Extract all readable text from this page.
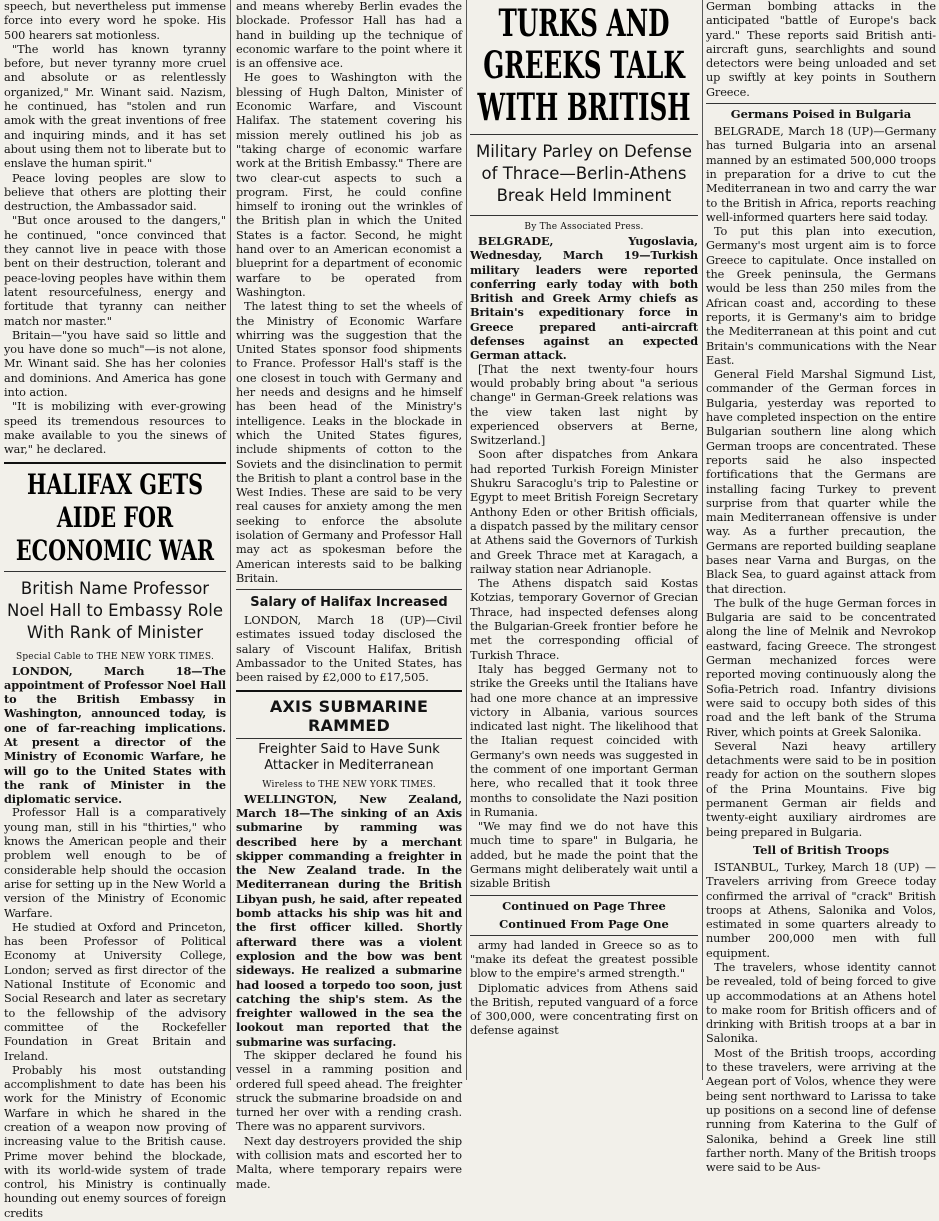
speech, but nevertheless put immense force into every word he spoke. His 500 hearers sat motionless.

"The world has known tyranny before, but never tyranny more cruel and absolute or as relentlessly organized," Mr. Winant said. Nazism, he continued, has "stolen and run amok with the great inventions of free and inquiring minds, and it has set about using them not to liberate but to enslave the human spirit."

Peace loving peoples are slow to believe that others are plotting their destruction, the Ambassador said.

"But once aroused to the dangers," he continued, "once convinced that they cannot live in peace with those bent on their destruction, tolerant and peace-loving peoples have within them latent resourcefulness, energy and fortitude that tyranny can neither match nor master."

Britain—"you have said so little and you have done so much"—is not alone, Mr. Winant said. She has her colonies and dominions. And America has gone into action.

"It is mobilizing with ever-growing speed its tremendous resources to make available to you the sinews of war," he declared.

HALIFAX GETS AIDE FOR ECONOMIC WAR
British Name Professor Noel Hall to Embassy Role With Rank of Minister
Special Cable to THE NEW YORK TIMES.

LONDON, March 18—The appointment of Professor Noel Hall to the British Embassy in Washington, announced today, is one of far-reaching implications. At present a director of the Ministry of Economic Warfare, he will go to the United States with the rank of Minister in the diplomatic service.

Professor Hall is a comparatively young man, still in his "thirties," who knows the American people and their problem well enough to be of considerable help should the occasion arise for setting up in the New World a version of the Ministry of Economic Warfare.

He studied at Oxford and Princeton, has been Professor of Political Economy at University College, London; served as first director of the National Institute of Economic and Social Research and later as secretary to the fellowship of the advisory committee of the Rockefeller Foundation in Great Britain and Ireland.

Probably his most outstanding accomplishment to date has been his work for the Ministry of Economic Warfare in which he shared in the creation of a weapon now proving of increasing value to the British cause. Prime mover behind the blockade, with its world-wide system of trade control, his Ministry is continually hounding out enemy sources of foreign credits

and means whereby Berlin evades the blockade. Professor Hall has had a hand in building up the technique of economic warfare to the point where it is an offensive ace.

He goes to Washington with the blessing of Hugh Dalton, Minister of Economic Warfare, and Viscount Halifax. The statement covering his mission merely outlined his job as "taking charge of economic warfare work at the British Embassy." There are two clear-cut aspects to such a program. First, he could confine himself to ironing out the wrinkles of the British plan in which the United States is a factor. Second, he might hand over to an American economist a blueprint for a department of economic warfare to be operated from Washington.

The latest thing to set the wheels of the Ministry of Economic Warfare whirring was the suggestion that the United States sponsor food shipments to France. Professor Hall's staff is the one closest in touch with Germany and her needs and designs and he himself has been head of the Ministry's intelligence. Leaks in the blockade in which the United States figures, include shipments of cotton to the Soviets and the disinclination to permit the British to plant a control base in the West Indies. These are said to be very real causes for anxiety among the men seeking to enforce the absolute isolation of Germany and Professor Hall may act as spokesman before the American interests said to be balking Britain.

Salary of Halifax Increased

LONDON, March 18 (UP)—Civil estimates issued today disclosed the salary of Viscount Halifax, British Ambassador to the United States, has been raised by £2,000 to £17,505.

AXIS SUBMARINE RAMMED
Freighter Said to Have Sunk Attacker in Mediterranean
Wireless to THE NEW YORK TIMES.

WELLINGTON, New Zealand, March 18—The sinking of an Axis submarine by ramming was described here by a merchant skipper commanding a freighter in the New Zealand trade. In the Mediterranean during the British Libyan push, he said, after repeated bomb attacks his ship was hit and the first officer killed. Shortly afterward there was a violent explosion and the bow was bent sideways. He realized a submarine had loosed a torpedo too soon, just catching the ship's stem. As the freighter wallowed in the sea the lookout man reported that the submarine was surfacing.

The skipper declared he found his vessel in a ramming position and ordered full speed ahead. The freighter struck the submarine broadside on and turned her over with a rending crash. There was no apparent survivors.

Next day destroyers provided the ship with collision mats and escorted her to Malta, where temporary repairs were made.

TURKS AND GREEKS TALK WITH BRITISH
Military Parley on Defense of Thrace—Berlin-Athens Break Held Imminent
By The Associated Press.

BELGRADE, Yugoslavia, Wednesday, March 19—Turkish military leaders were reported conferring early today with both British and Greek Army chiefs as Britain's expeditionary force in Greece prepared anti-aircraft defenses against an expected German attack.

[That the next twenty-four hours would probably bring about "a serious change" in German-Greek relations was the view taken last night by experienced observers at Berne, Switzerland.]

Soon after dispatches from Ankara had reported Turkish Foreign Minister Shukru Saracoglu's trip to Palestine or Egypt to meet British Foreign Secretary Anthony Eden or other British officials, a dispatch passed by the military censor at Athens said the Governors of Turkish and Greek Thrace met at Karagach, a railway station near Adrianople.

The Athens dispatch said Kostas Kotzias, temporary Governor of Grecian Thrace, had inspected defenses along the Bulgarian-Greek frontier before he met the corresponding official of Turkish Thrace.

Italy has begged Germany not to strike the Greeks until the Italians have had one more chance at an impressive victory in Albania, various sources indicated last night. The likelihood that the Italian request coincided with Germany's own needs was suggested in the comment of one important German here, who recalled that it took three months to consolidate the Nazi position in Rumania.

"We may find we do not have this much time to spare" in Bulgaria, he added, but he made the point that the Germans might deliberately wait until a sizable British

Continued on Page Three
Continued From Page One

army had landed in Greece so as to "make its defeat the greatest possible blow to the empire's armed strength."

Diplomatic advices from Athens said the British, reputed vanguard of a force of 300,000, were concentrating first on defense against

German bombing attacks in the anticipated "battle of Europe's back yard." These reports said British anti-aircraft guns, searchlights and sound detectors were being unloaded and set up swiftly at key points in Southern Greece.

Germans Poised in Bulgaria

BELGRADE, March 18 (UP)—Germany has turned Bulgaria into an arsenal manned by an estimated 500,000 troops in preparation for a drive to cut the Mediterranean in two and carry the war to the British in Africa, reports reaching well-informed quarters here said today.

To put this plan into execution, Germany's most urgent aim is to force Greece to capitulate. Once installed on the Greek peninsula, the Germans would be less than 250 miles from the African coast and, according to these reports, it is Germany's aim to bridge the Mediterranean at this point and cut Britain's communications with the Near East.

General Field Marshal Sigmund List, commander of the German forces in Bulgaria, yesterday was reported to have completed inspection on the entire Bulgarian southern line along which German troops are concentrated. These reports said he also inspected fortifications that the Germans are installing facing Turkey to prevent surprise from that quarter while the main Mediterranean offensive is under way. As a further precaution, the Germans are reported building seaplane bases near Varna and Burgas, on the Black Sea, to guard against attack from that direction.

The bulk of the huge German forces in Bulgaria are said to be concentrated along the line of Melnik and Nevrokop eastward, facing Greece. The strongest German mechanized forces were reported moving continuously along the Sofia-Petrich road. Infantry divisions were said to occupy both sides of this road and the left bank of the Struma River, which points at Greek Salonika.

Several Nazi heavy artillery detachments were said to be in position ready for action on the southern slopes of the Prina Mountains. Five big permanent German air fields and twenty-eight auxiliary airdromes are being prepared in Bulgaria.

Tell of British Troops

ISTANBUL, Turkey, March 18 (UP) — Travelers arriving from Greece today confirmed the arrival of "crack" British troops at Athens, Salonika and Volos, estimated in some quarters already to number 200,000 men with full equipment.

The travelers, whose identity cannot be revealed, told of being forced to give up accommodations at an Athens hotel to make room for British officers and of drinking with British troops at a bar in Salonika.

Most of the British troops, according to these travelers, were arriving at the Aegean port of Volos, whence they were being sent northward to Larissa to take up positions on a second line of defense running from Katerina to the Gulf of Salonika, behind a Greek line still farther north. Many of the British troops were said to be Aus-
